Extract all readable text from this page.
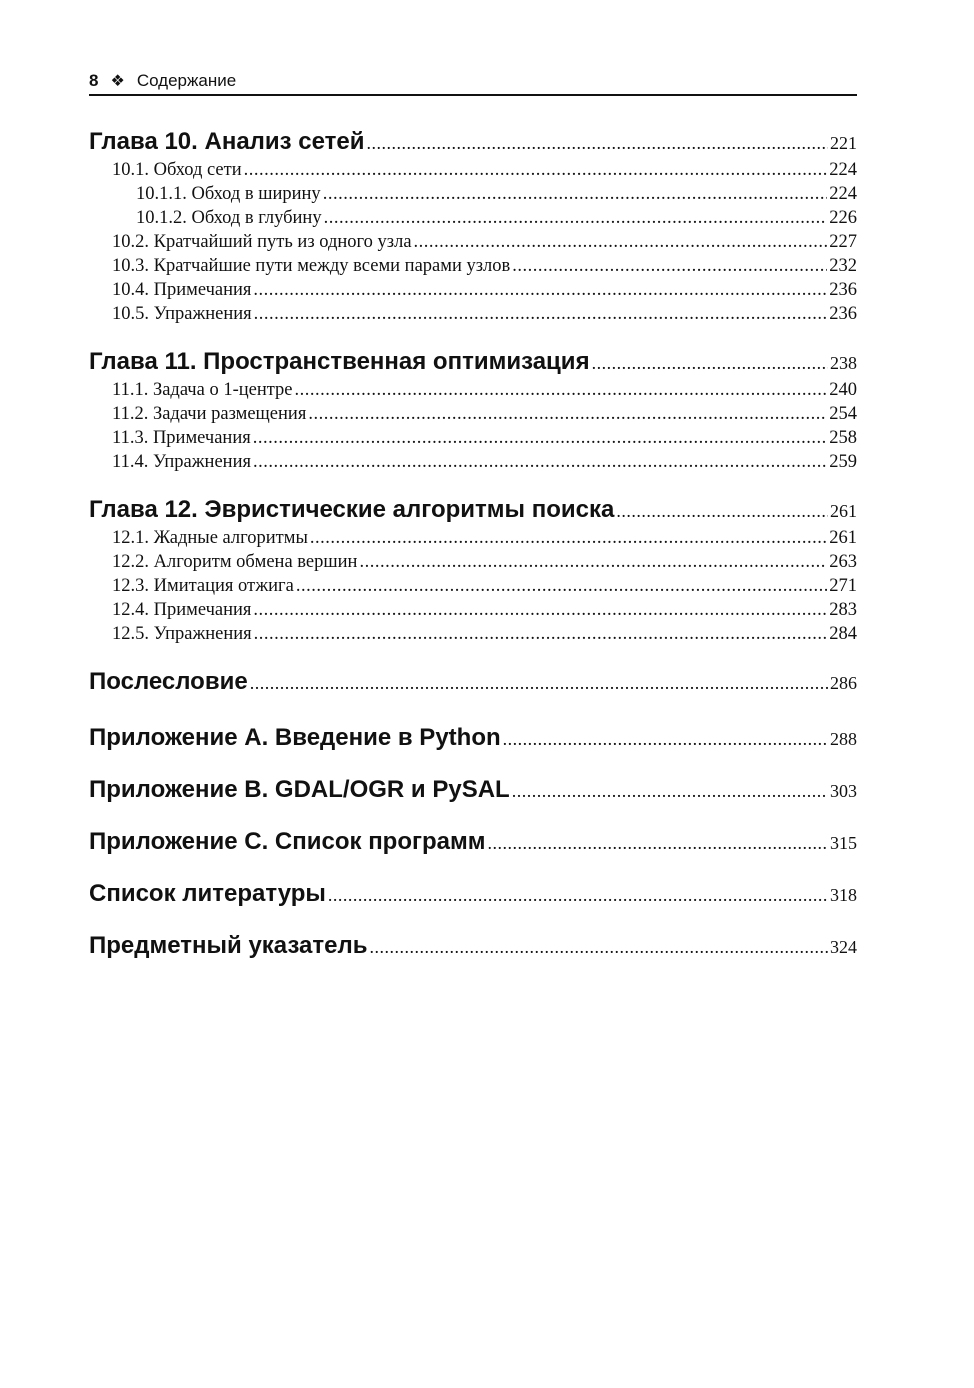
8 ❖ Содержание
Глава 10. Анализ сетей .....	221
10.1. Обход сети .....	224
10.1.1. Обход в ширину .....	224
10.1.2. Обход в глубину .....	226
10.2. Кратчайший путь из одного узла .....	227
10.3. Кратчайшие пути между всеми парами узлов .....	232
10.4. Примечания .....	236
10.5. Упражнения .....	236
Глава 11. Пространственная оптимизация .....	238
11.1. Задача о 1-центре .....	240
11.2. Задачи размещения .....	254
11.3. Примечания .....	258
11.4. Упражнения .....	259
Глава 12. Эвристические алгоритмы поиска .....	261
12.1. Жадные алгоритмы .....	261
12.2. Алгоритм обмена вершин .....	263
12.3. Имитация отжига .....	271
12.4. Примечания .....	283
12.5. Упражнения .....	284
Послесловие .....	286
Приложение A. Введение в Python .....	288
Приложение B. GDAL/OGR и PySAL .....	303
Приложение C. Список программ .....	315
Список литературы .....	318
Предметный указатель .....	324
